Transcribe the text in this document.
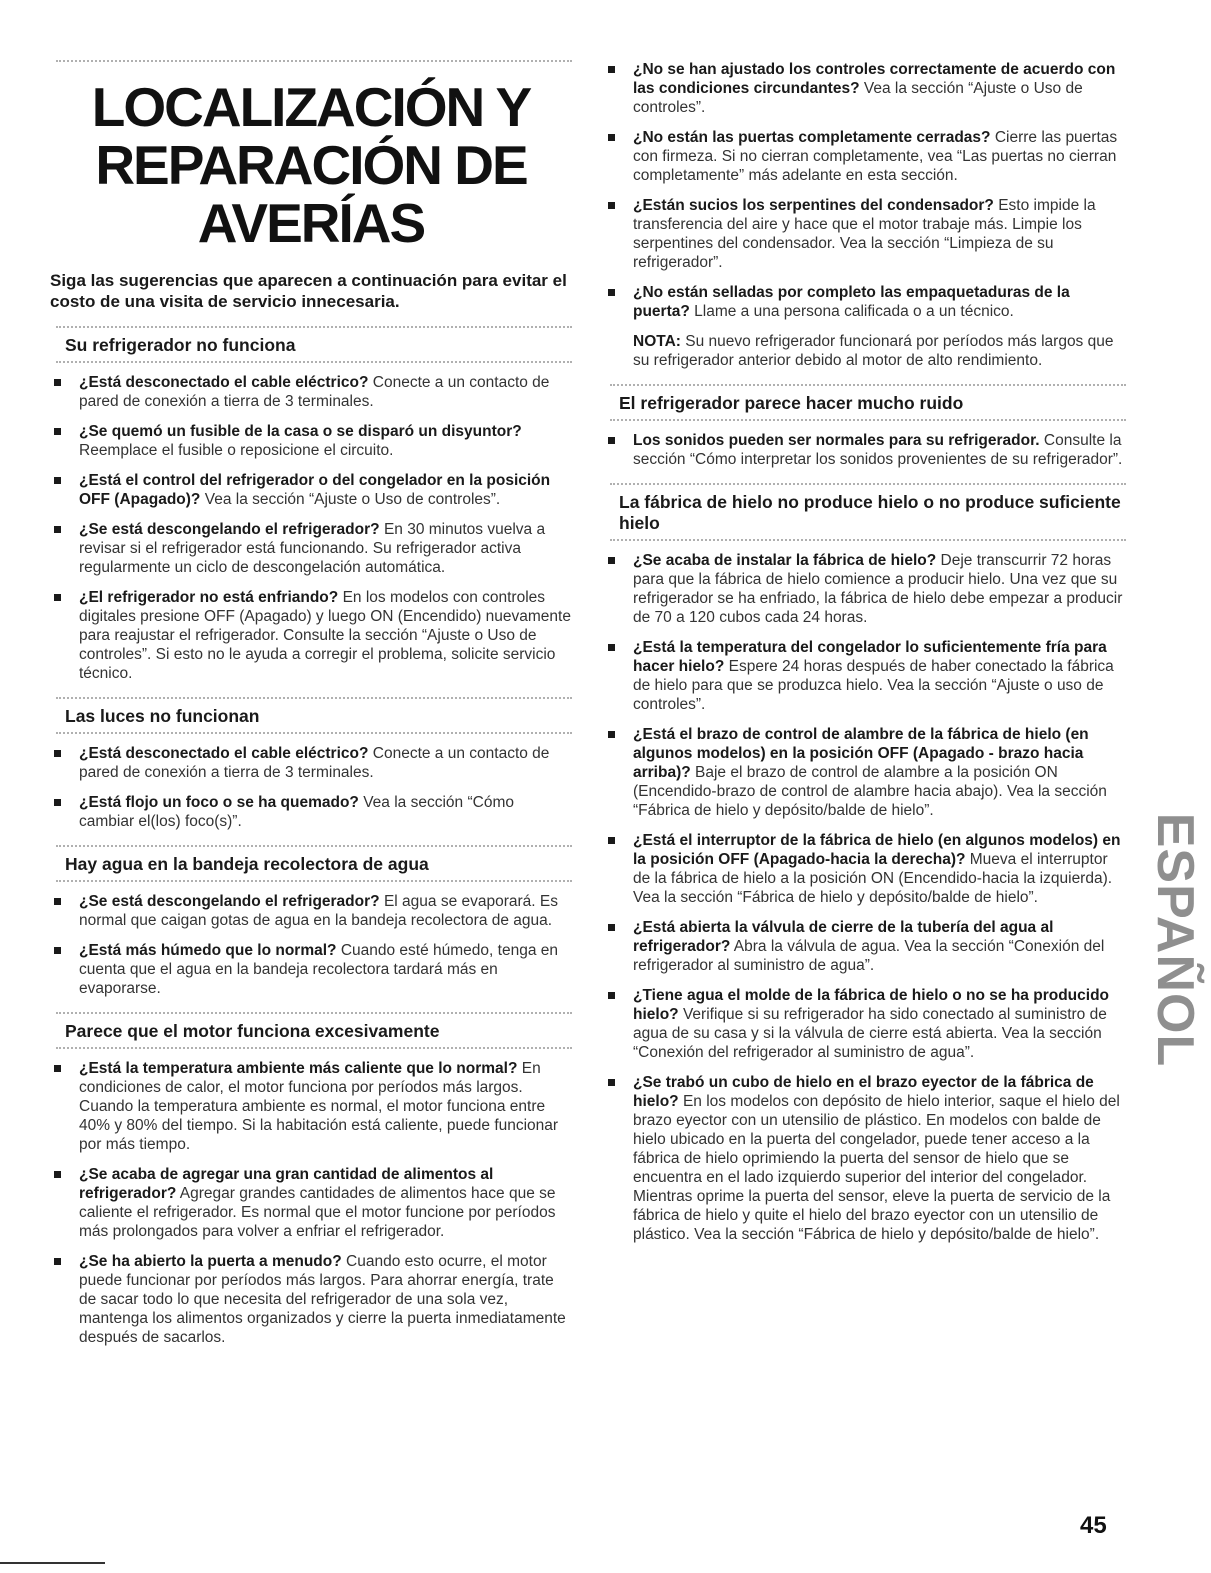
LOCALIZACIÓN Y
REPARACIÓN DE
AVERÍAS

Siga las sugerencias que aparecen a continuación para evitar el costo de una visita de servicio innecesaria.

Su refrigerador no funciona
¿Está desconectado el cable eléctrico? Conecte a un contacto de pared de conexión a tierra de 3 terminales.
¿Se quemó un fusible de la casa o se disparó un disyuntor? Reemplace el fusible o reposicione el circuito.
¿Está el control del refrigerador o del congelador en la posición OFF (Apagado)? Vea la sección “Ajuste o Uso de controles”.
¿Se está descongelando el refrigerador? En 30 minutos vuelva a revisar si el refrigerador está funcionando. Su refrigerador activa regularmente un ciclo de descongelación automática.
¿El refrigerador no está enfriando? En los modelos con controles digitales presione OFF (Apagado) y luego ON (Encendido) nuevamente para reajustar el refrigerador. Consulte la sección “Ajuste o Uso de controles”. Si esto no le ayuda a corregir el problema, solicite servicio técnico.
Las luces no funcionan
¿Está desconectado el cable eléctrico? Conecte a un contacto de pared de conexión a tierra de 3 terminales.
¿Está flojo un foco o se ha quemado? Vea la sección “Cómo cambiar el(los) foco(s)”.
Hay agua en la bandeja recolectora de agua
¿Se está descongelando el refrigerador? El agua se evaporará. Es normal que caigan gotas de agua en la bandeja recolectora de agua.
¿Está más húmedo que lo normal? Cuando esté húmedo, tenga en cuenta que el agua en la bandeja recolectora tardará más en evaporarse.
Parece que el motor funciona excesivamente
¿Está la temperatura ambiente más caliente que lo normal? En condiciones de calor, el motor funciona por períodos más largos. Cuando la temperatura ambiente es normal, el motor funciona entre 40% y 80% del tiempo. Si la habitación está caliente, puede funcionar por más tiempo.
¿Se acaba de agregar una gran cantidad de alimentos al refrigerador? Agregar grandes cantidades de alimentos hace que se caliente el refrigerador. Es normal que el motor funcione por períodos más prolongados para volver a enfriar el refrigerador.
¿Se ha abierto la puerta a menudo? Cuando esto ocurre, el motor puede funcionar por períodos más largos. Para ahorrar energía, trate de sacar todo lo que necesita del refrigerador de una sola vez, mantenga los alimentos organizados y cierre la puerta inmediatamente después de sacarlos.
¿No se han ajustado los controles correctamente de acuerdo con las condiciones circundantes? Vea la sección “Ajuste o Uso de controles”.
¿No están las puertas completamente cerradas? Cierre las puertas con firmeza. Si no cierran completamente, vea “Las puertas no cierran completamente” más adelante en esta sección.
¿Están sucios los serpentines del condensador? Esto impide la transferencia del aire y hace que el motor trabaje más. Limpie los serpentines del condensador. Vea la sección “Limpieza de su refrigerador”.
¿No están selladas por completo las empaquetaduras de la puerta? Llame a una persona calificada o a un técnico.
NOTA: Su nuevo refrigerador funcionará por períodos más largos que su refrigerador anterior debido al motor de alto rendimiento.
El refrigerador parece hacer mucho ruido
Los sonidos pueden ser normales para su refrigerador. Consulte la sección “Cómo interpretar los sonidos provenientes de su refrigerador”.
La fábrica de hielo no produce hielo o no produce suficiente hielo
¿Se acaba de instalar la fábrica de hielo? Deje transcurrir 72 horas para que la fábrica de hielo comience a producir hielo. Una vez que su refrigerador se ha enfriado, la fábrica de hielo debe empezar a producir de 70 a 120 cubos cada 24 horas.
¿Está la temperatura del congelador lo suficientemente fría para hacer hielo? Espere 24 horas después de haber conectado la fábrica de hielo para que se produzca hielo. Vea la sección “Ajuste o uso de controles”.
¿Está el brazo de control de alambre de la fábrica de hielo (en algunos modelos) en la posición OFF (Apagado - brazo hacia arriba)? Baje el brazo de control de alambre a la posición ON (Encendido-brazo de control de alambre hacia abajo). Vea la sección “Fábrica de hielo y depósito/balde de hielo”.
¿Está el interruptor de la fábrica de hielo (en algunos modelos) en la posición OFF (Apagado-hacia la derecha)? Mueva el interruptor de la fábrica de hielo a la posición ON (Encendido-hacia la izquierda). Vea la sección “Fábrica de hielo y depósito/balde de hielo”.
¿Está abierta la válvula de cierre de la tubería del agua al refrigerador? Abra la válvula de agua. Vea la sección “Conexión del refrigerador al suministro de agua”.
¿Tiene agua el molde de la fábrica de hielo o no se ha producido hielo? Verifique si su refrigerador ha sido conectado al suministro de agua de su casa y si la válvula de cierre está abierta. Vea la sección “Conexión del refrigerador al suministro de agua”.
¿Se trabó un cubo de hielo en el brazo eyector de la fábrica de hielo? En los modelos con depósito de hielo interior, saque el hielo del brazo eyector con un utensilio de plástico. En modelos con balde de hielo ubicado en la puerta del congelador, puede tener acceso a la fábrica de hielo oprimiendo la puerta del sensor de hielo que se encuentra en el lado izquierdo superior del interior del congelador. Mientras oprime la puerta del sensor, eleve la puerta de servicio de la fábrica de hielo y quite el hielo del brazo eyector con un utensilio de plástico. Vea la sección “Fábrica de hielo y depósito/balde de hielo”.
ESPAÑOL
45
